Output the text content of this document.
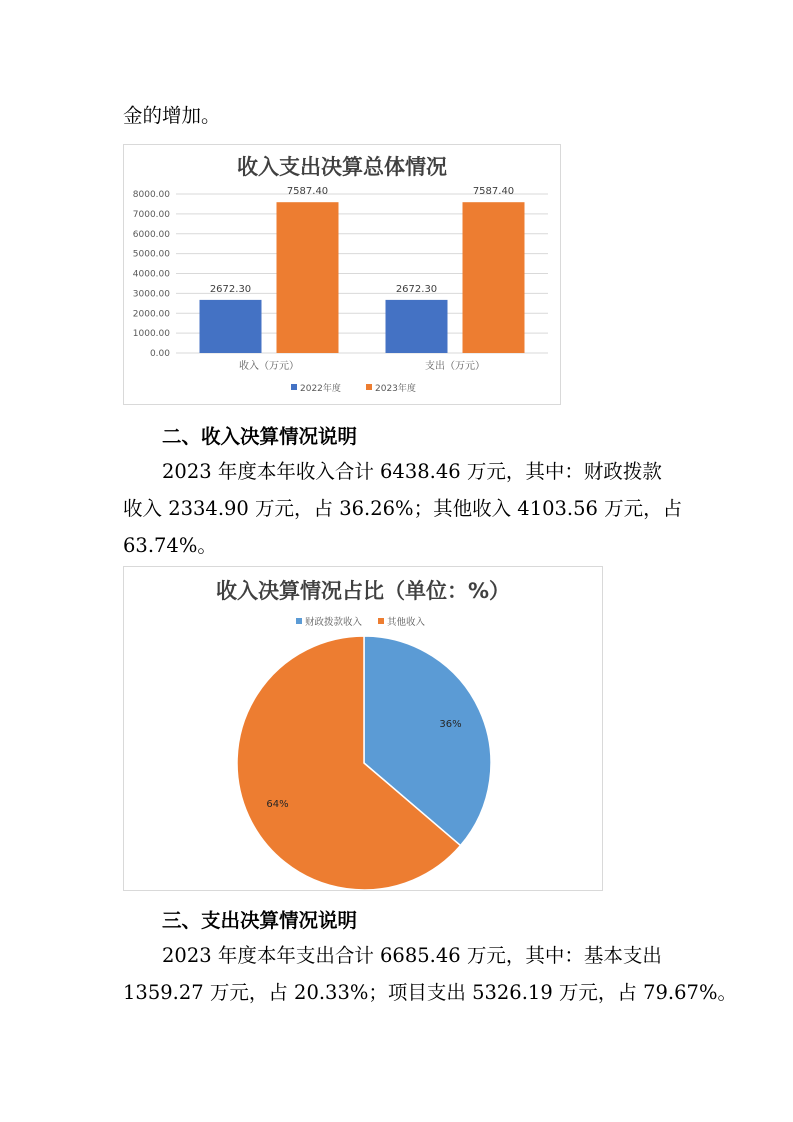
金的增加。
收入支出决算总体情况
0.00
1000.00
2000.00
3000.00
4000.00
5000.00
6000.00
7000.00
8000.00
2672.30
7587.40
2672.30
7587.40
收入（万元）	支出（万元）
2022年度	2023年度
二、收入决算情况说明
2023 年度本年收入合计 6438.46 万元，其中：财政拨款
收入 2334.90 万元，占 36.26%；其他收入 4103.56 万元，占
63.74%。
收入决算情况占比（单位：%）
财政拨款收入	其他收入
36%
64%
三、支出决算情况说明
2023 年度本年支出合计 6685.46 万元，其中：基本支出
1359.27 万元，占 20.33%；项目支出 5326.19 万元，占 79.67%。
